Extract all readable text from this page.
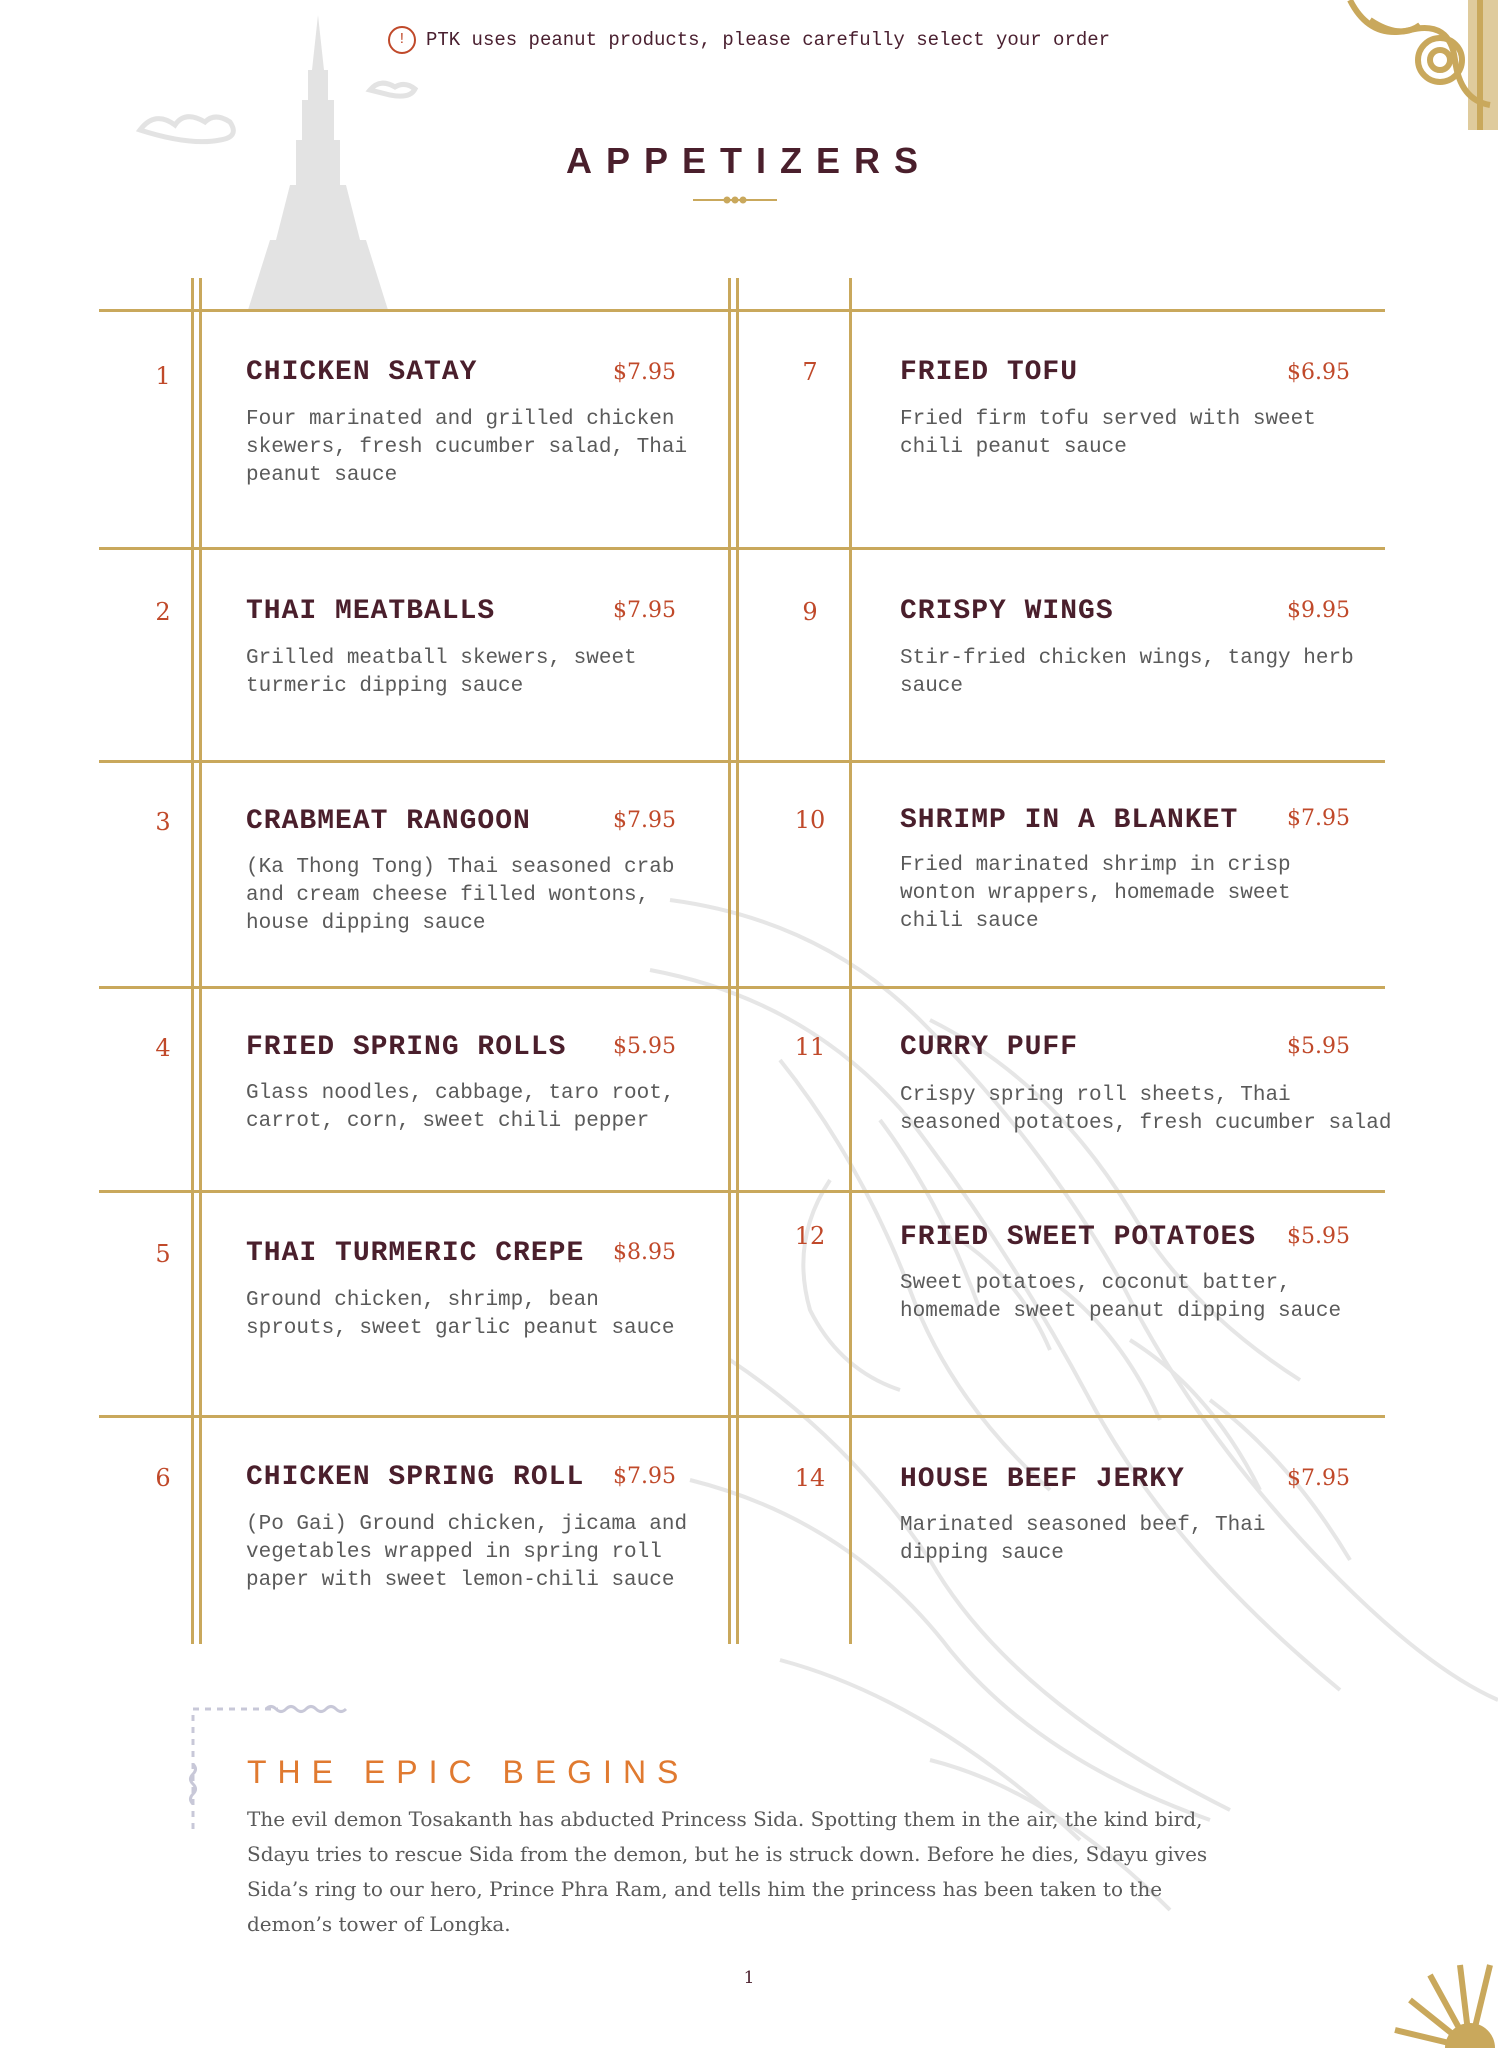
! PTK uses peanut products, please carefully select your order
APPETIZERS
1	CHICKEN SATAY	$7.95
Four marinated and grilled chicken skewers, fresh cucumber salad, Thai peanut sauce
2	THAI MEATBALLS	$7.95
Grilled meatball skewers, sweet turmeric dipping sauce
3	CRABMEAT RANGOON	$7.95
(Ka Thong Tong) Thai seasoned crab and cream cheese filled wontons, house dipping sauce
4	FRIED SPRING ROLLS	$5.95
Glass noodles, cabbage, taro root, carrot, corn, sweet chili pepper
5	THAI TURMERIC CREPE	$8.95
Ground chicken, shrimp, bean sprouts, sweet garlic peanut sauce
6	CHICKEN SPRING ROLL	$7.95
(Po Gai) Ground chicken, jicama and vegetables wrapped in spring roll paper with sweet lemon-chili sauce
7	FRIED TOFU	$6.95
Fried firm tofu served with sweet chili peanut sauce
9	CRISPY WINGS	$9.95
Stir-fried chicken wings, tangy herb sauce
10	SHRIMP IN A BLANKET	$7.95
Fried marinated shrimp in crisp wonton wrappers, homemade sweet chili sauce
11	CURRY PUFF	$5.95
Crispy spring roll sheets, Thai seasoned potatoes, fresh cucumber salad
12	FRIED SWEET POTATOES	$5.95
Sweet potatoes, coconut batter, homemade sweet peanut dipping sauce
14	HOUSE BEEF JERKY	$7.95
Marinated seasoned beef, Thai dipping sauce
THE EPIC BEGINS
The evil demon Tosakanth has abducted Princess Sida. Spotting them in the air, the kind bird, Sdayu tries to rescue Sida from the demon, but he is struck down. Before he dies, Sdayu gives Sida’s ring to our hero, Prince Phra Ram, and tells him the princess has been taken to the demon’s tower of Longka.
1
